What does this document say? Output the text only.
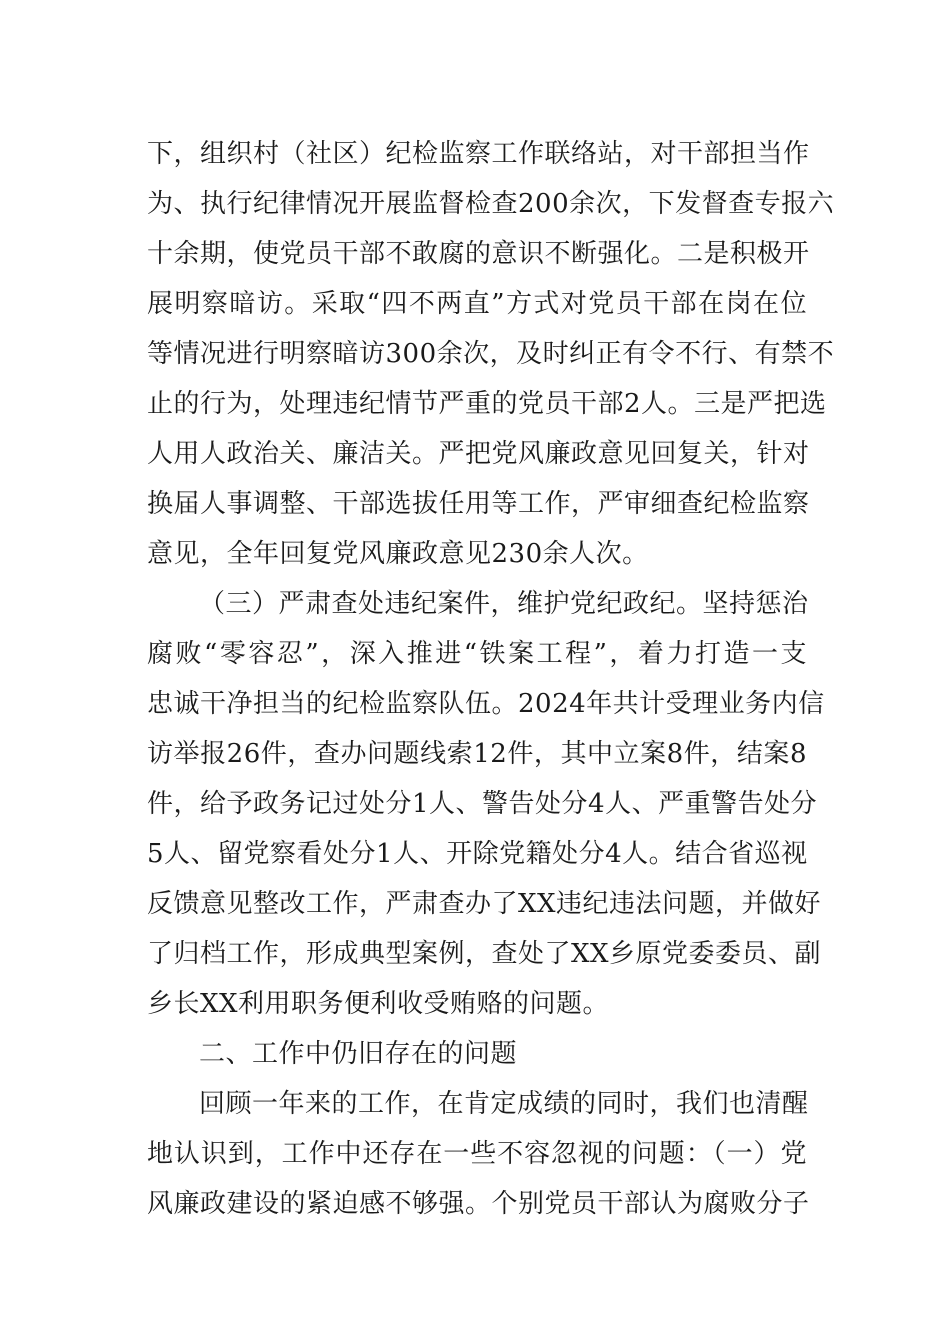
下，组织村（社区）纪检监察工作联络站，对干部担当作
为、执行纪律情况开展监督检查200余次，下发督查专报六
十余期，使党员干部不敢腐的意识不断强化。二是积极开
展明察暗访。采取“四不两直”方式对党员干部在岗在位
等情况进行明察暗访300余次，及时纠正有令不行、有禁不
止的行为，处理违纪情节严重的党员干部2人。三是严把选
人用人政治关、廉洁关。严把党风廉政意见回复关，针对
换届人事调整、干部选拔任用等工作，严审细查纪检监察
意见，全年回复党风廉政意见230余人次。
（三）严肃查处违纪案件，维护党纪政纪。坚持惩治
腐败“零容忍”，深入推进“铁案工程”，着力打造一支
忠诚干净担当的纪检监察队伍。2024年共计受理业务内信
访举报26件，查办问题线索12件，其中立案8件，结案8
件，给予政务记过处分1人、警告处分4人、严重警告处分
5人、留党察看处分1人、开除党籍处分4人。结合省巡视
反馈意见整改工作，严肃查办了XX违纪违法问题，并做好
了归档工作，形成典型案例，查处了XX乡原党委委员、副
乡长XX利用职务便利收受贿赂的问题。
二、工作中仍旧存在的问题
回顾一年来的工作，在肯定成绩的同时，我们也清醒
地认识到，工作中还存在一些不容忽视的问题：（一）党
风廉政建设的紧迫感不够强。个别党员干部认为腐败分子
